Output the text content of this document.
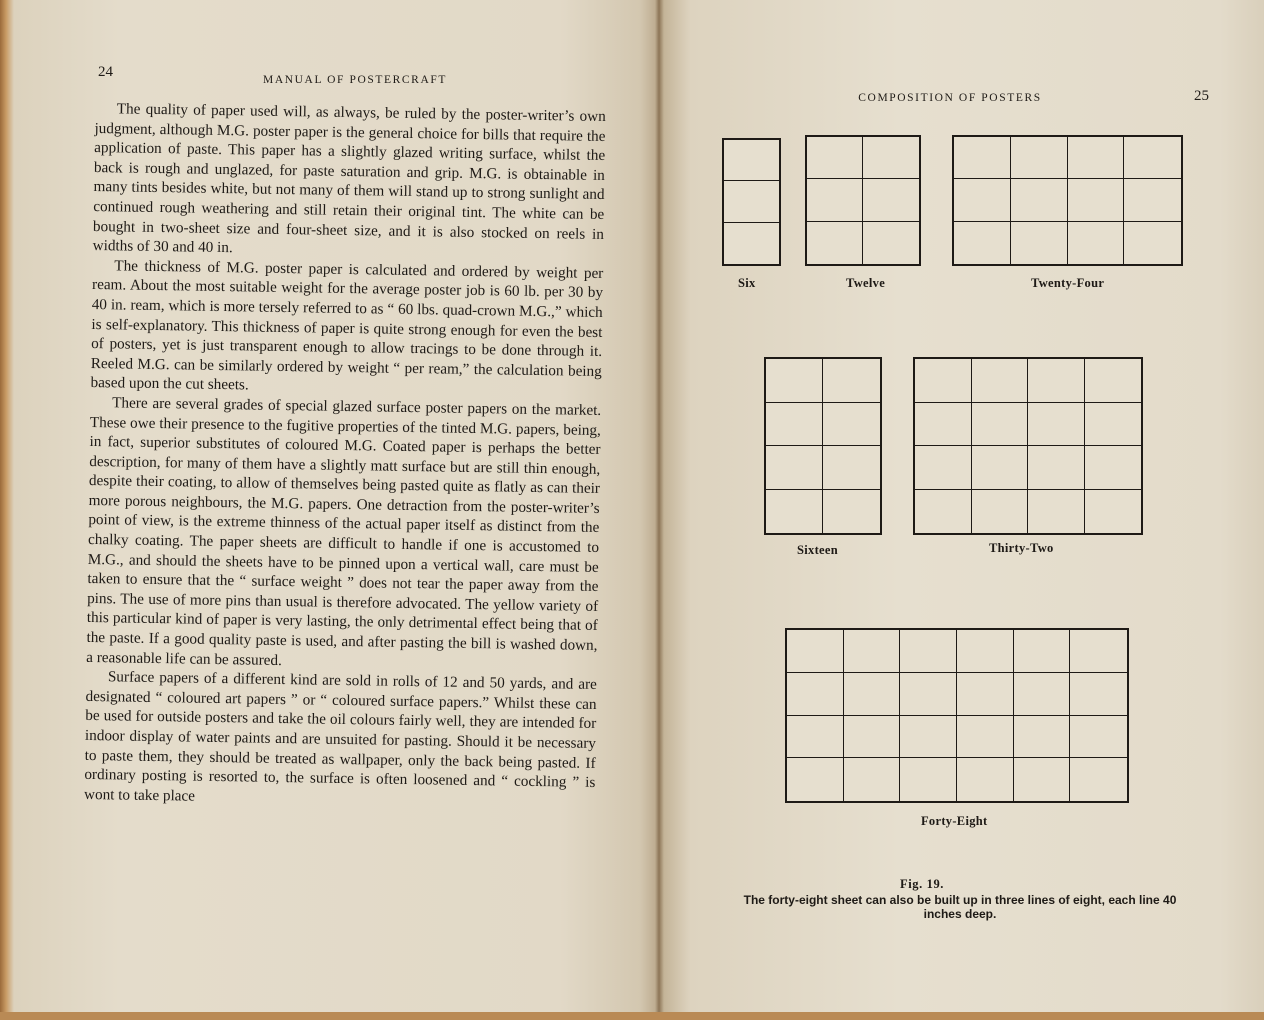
24	MANUAL OF POSTERCRAFT

The quality of paper used will, as always, be ruled by the poster-writer’s own judgment, although M.G. poster paper is the general choice for bills that require the application of paste. This paper has a slightly glazed writing surface, whilst the back is rough and unglazed, for paste saturation and grip. M.G. is obtainable in many tints besides white, but not many of them will stand up to strong sunlight and continued rough weathering and still retain their original tint. The white can be bought in two-sheet size and four-sheet size, and it is also stocked on reels in widths of 30 and 40 in.

The thickness of M.G. poster paper is calculated and ordered by weight per ream. About the most suitable weight for the average poster job is 60 lb. per 30 by 40 in. ream, which is more tersely referred to as “ 60 lbs. quad-crown M.G.,” which is self-explanatory. This thickness of paper is quite strong enough for even the best of posters, yet is just transparent enough to allow tracings to be done through it. Reeled M.G. can be similarly ordered by weight “ per ream,” the calculation being based upon the cut sheets.

There are several grades of special glazed surface poster papers on the market. These owe their presence to the fugitive properties of the tinted M.G. papers, being, in fact, superior substitutes of coloured M.G. Coated paper is perhaps the better description, for many of them have a slightly matt surface but are still thin enough, despite their coating, to allow of themselves being pasted quite as flatly as can their more porous neighbours, the M.G. papers. One detraction from the poster-writer’s point of view, is the extreme thinness of the actual paper itself as distinct from the chalky coating. The paper sheets are difficult to handle if one is accustomed to M.G., and should the sheets have to be pinned upon a vertical wall, care must be taken to ensure that the “ surface weight ” does not tear the paper away from the pins. The use of more pins than usual is therefore advocated. The yellow variety of this particular kind of paper is very lasting, the only detrimental effect being that of the paste. If a good quality paste is used, and after pasting the bill is washed down, a reasonable life can be assured.

Surface papers of a different kind are sold in rolls of 12 and 50 yards, and are designated “ coloured art papers ” or “ coloured surface papers.” Whilst these can be used for outside posters and take the oil colours fairly well, they are intended for indoor display of water paints and are unsuited for pasting. Should it be necessary to paste them, they should be treated as wallpaper, only the back being pasted. If ordinary posting is resorted to, the surface is often loosened and “ cockling ” is wont to take place

COMPOSITION OF POSTERS	25
Six	Twelve	Twenty-Four
Sixteen	Thirty-Two
Forty-Eight
Fig. 19.
The forty-eight sheet can also be built up in three lines of eight, each line 40 inches deep.
